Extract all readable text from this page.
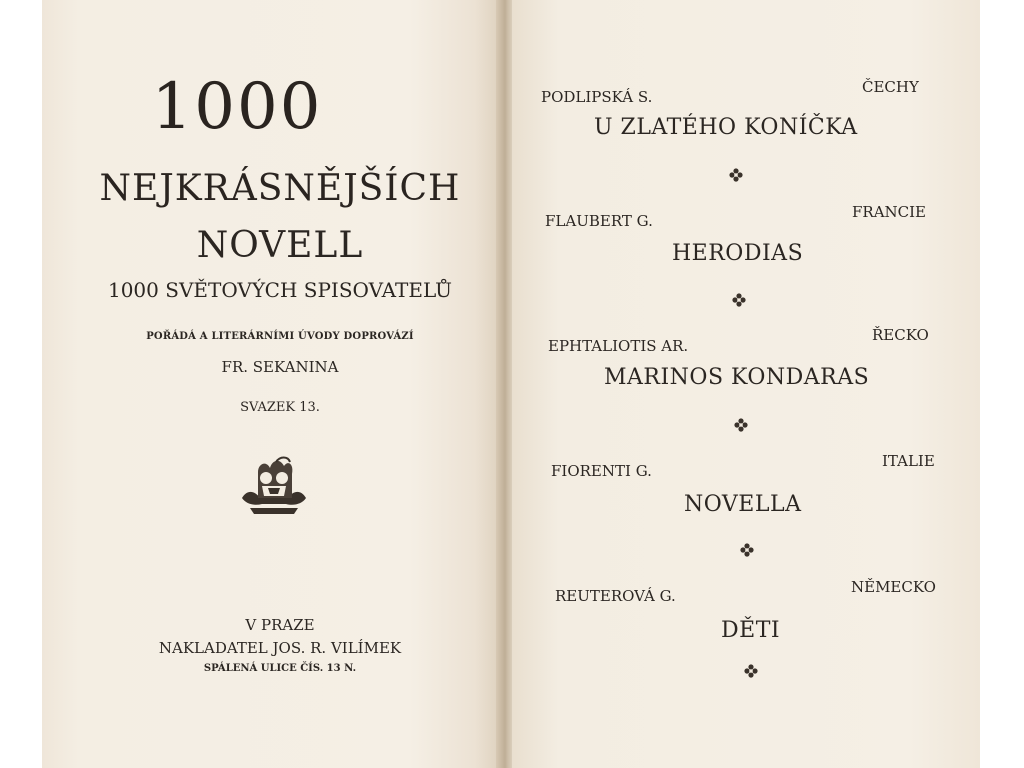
1000
NEJKRÁSNĚJŠÍCH
NOVELL
1000 SVĚTOVÝCH SPISOVATELŮ
POŘÁDÁ A LITERÁRNÍMI ÚVODY DOPROVÁZÍ
FR. SEKANINA
SVAZEK 13.
V PRAZE
NAKLADATEL JOS. R. VILÍMEK
SPÁLENÁ ULICE ČÍS. 13 N.
PODLIPSKÁ S.
ČECHY
U ZLATÉHO KONÍČKA
FLAUBERT G.	FRANCIE
HERODIAS
EPHTALIOTIS AR.
ŘECKO
MARINOS KONDARAS
FIORENTI G.
ITALIE
NOVELLA
REUTEROVÁ G.	NĚMECKO
DĚTI
